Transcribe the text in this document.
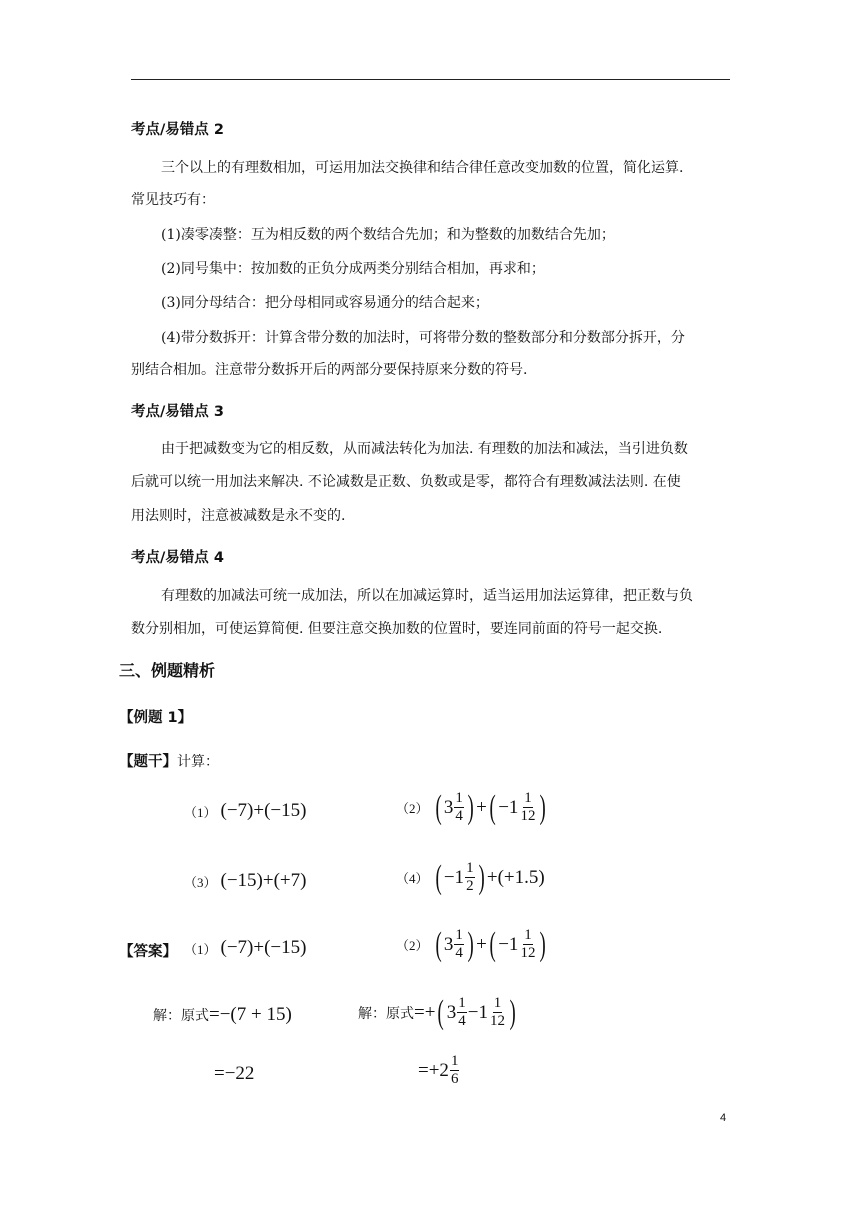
考点/易错点 2
三个以上的有理数相加，可运用加法交换律和结合律任意改变加数的位置，简化运算.
常见技巧有：
(1)凑零凑整：互为相反数的两个数结合先加；和为整数的加数结合先加；
(2)同号集中：按加数的正负分成两类分别结合相加，再求和；
(3)同分母结合：把分母相同或容易通分的结合起来；
(4)带分数拆开：计算含带分数的加法时，可将带分数的整数部分和分数部分拆开，分
别结合相加。注意带分数拆开后的两部分要保持原来分数的符号.
考点/易错点 3
由于把减数变为它的相反数，从而减法转化为加法. 有理数的加法和减法，当引进负数
后就可以统一用加法来解决. 不论减数是正数、负数或是零，都符合有理数减法法则. 在使
用法则时，注意被减数是永不变的.
考点/易错点 4
有理数的加减法可统一成加法，所以在加减运算时，适当运用加法运算律，把正数与负
数分别相加，可使运算简便. 但要注意交换加数的位置时，要连同前面的符号一起交换.
三、例题精析
【例题 1】
【题干】计算：
（1） (−7)+(−15)	（2） ( $3 \frac{1}{4}$ ) + ( $-1 \frac{1}{12}$ )
（3） (−15)+(+7)	（4） ( $-1 \frac{1}{2}$ ) + (+1.5)
【答案】 （1） (−7)+(−15)	（2） ( $3 \frac{1}{4}$ ) + ( $-1 \frac{1}{12}$ )
解：原式 =−(7 + 15)
=−22
解：原式 =+ ( $3 \frac{1}{4} -1 \frac{1}{12}$ )
$=+2 \frac{1}{6}$
4
